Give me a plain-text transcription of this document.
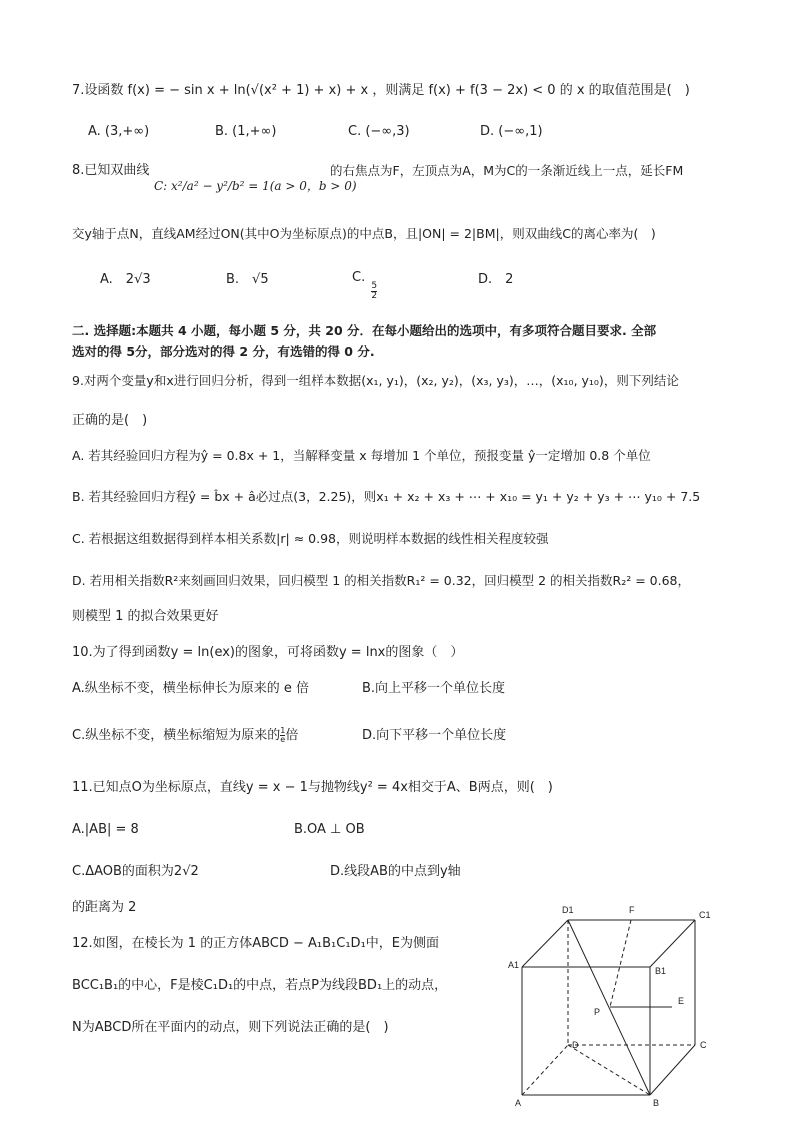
7.设函数 f(x) = − sin x + ln(√(x² + 1) + x) + x ，则满足 f(x) + f(3 − 2x) < 0 的 x 的取值范围是(　)
A. (3,+∞)	B. (1,+∞)	C. (−∞,3)	D. (−∞,1)
8.已知双曲线
C: x²/a² − y²/b² = 1(a > 0，b > 0)
的右焦点为F，左顶点为A，M为C的一条渐近线上一点，延长FM
交y轴于点N，直线AM经过ON(其中O为坐标原点)的中点B，且|ON| = 2|BM|，则双曲线C的离心率为(　)
A.　2√3	B.　√5	C.
$\frac{5}{2}$
D.　2
二. 选择题:本题共 4 小题，每小题 5 分，共 20 分．在每小题给出的选项中，有多项符合题目要求. 全部
选对的得 5分，部分选对的得 2 分，有选错的得 0 分.
9.对两个变量y和x进行回归分析，得到一组样本数据(x₁, y₁)，(x₂, y₂)，(x₃, y₃)，…，(x₁₀, y₁₀)，则下列结论
正确的是(　)
A. 若其经验回归方程为ŷ = 0.8x + 1，当解释变量 x 每增加 1 个单位，预报变量 ŷ一定增加 0.8 个单位
B. 若其经验回归方程ŷ = b̂x + â必过点(3，2.25)，则x₁ + x₂ + x₃ + ⋯ + x₁₀ = y₁ + y₂ + y₃ + ⋯ y₁₀ + 7.5
C. 若根据这组数据得到样本相关系数|r| ≈ 0.98，则说明样本数据的线性相关程度较强
D. 若用相关指数R²来刻画回归效果，回归模型 1 的相关指数R₁² = 0.32，回归模型 2 的相关指数R₂² = 0.68，
则模型 1 的拟合效果更好
10.为了得到函数y = ln(ex)的图象，可将函数y = lnx的图象（　）
A.纵坐标不变，横坐标伸长为原来的 e 倍	B.向上平移一个单位长度
C.纵坐标不变，横坐标缩短为原来的 $\frac{1}{e}$ 倍	D.向下平移一个单位长度
11.已知点O为坐标原点，直线y = x − 1与抛物线y² = 4x相交于A、B两点，则(　)
A.|AB| = 8	B.OA ⊥ OB
C.ΔAOB的面积为2√2	D.线段AB的中点到y轴
的距离为 2
12.如图，在棱长为 1 的正方体ABCD − A₁B₁C₁D₁中，E为侧面
BCC₁B₁的中心，F是棱C₁D₁的中点，若点P为线段BD₁上的动点，
N为ABCD所在平面内的动点，则下列说法正确的是(　)
D1	F	C1
A1
B1
E
P
D	C
A	B
